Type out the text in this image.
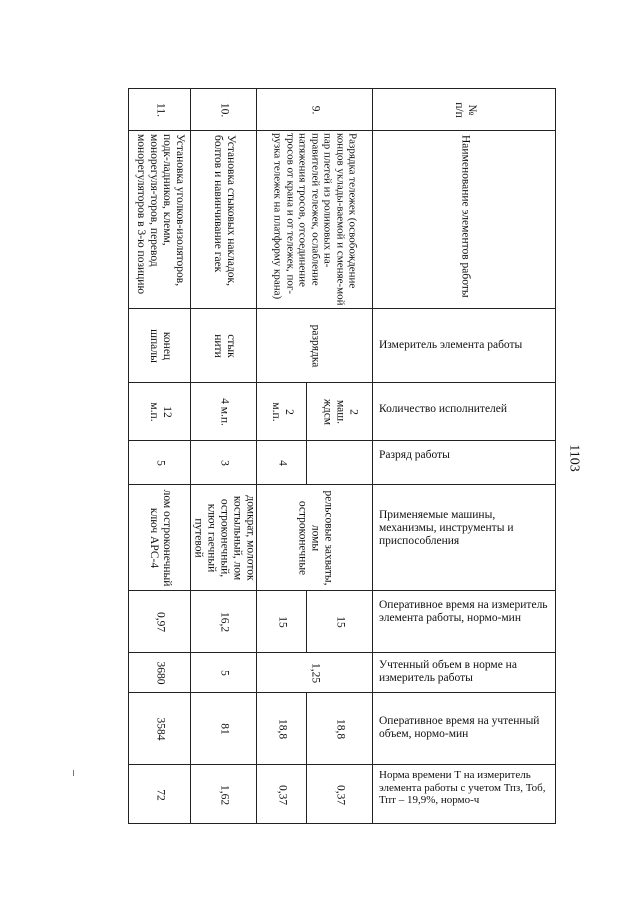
1103
№
п/п
Наименование элементов работы
Измеритель элемента работы
Количество исполнителей
Разряд работы
Применяемые машины, механизмы, инструменты и приспособления
Оперативное время на измеритель элемента работы, нормо-мин
Учтенный объем в норме на измеритель работы
Оперативное время на учтенный объем, нормо-мин
Норма времени Т на измеритель элемента работы с учетом Тпз, Тоб, Тпт – 19,9%, нормо-ч
9.
Разрядка тележек (освобождение концов уклады-ваемой и сменяе-мой пар плетей из роликовых на-правителей тележек, ослабление натяжения тросов, отсоединение тросов от крана и от тележек, пог-рузка тележек на платформу крана)
разрядка
2 маш.
ждсм
2 м.п.
4
рельсовые захваты, ломы остроконечные
15
15
1,25
18,8
18,8
0,37
0,37
10.
Установка стыковых накладок, болтов и навинчивание гаек
стык
нити
4 м.п.
3
домкрат, молоток костыльный, лом остроконечный, ключ гаечный путевой
16,2
5
81
1,62
11.
Установка уголков-изоляторов, подк-ладников, клемм, монорегуля-торов, перевод монорегуляторов в 3-ю позицию
конец
шпалы
12 м.п.
5
лом остроконечный ключ АРС-4
0,97
3680
3584
72
